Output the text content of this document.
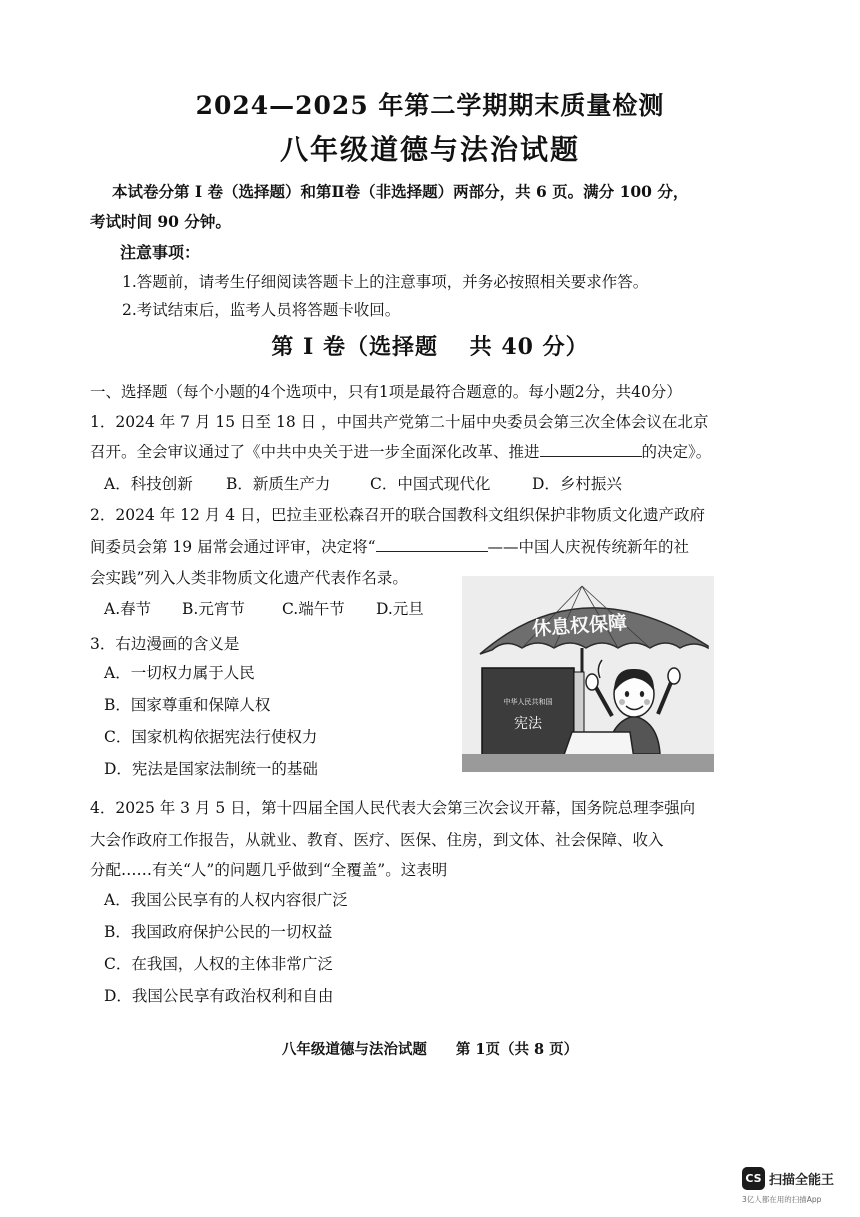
2024—2025 年第二学期期末质量检测
八年级道德与法治试题
本试卷分第 I 卷（选择题）和第Ⅱ卷（非选择题）两部分，共 6 页。满分 100 分，
考试时间 90 分钟。
注意事项：
1.答题前，请考生仔细阅读答题卡上的注意事项，并务必按照相关要求作答。
2.考试结束后，监考人员将答题卡收回。
第 I 卷（选择题　 共 40 分）
一、选择题（每个小题的4个选项中，只有1项是最符合题意的。每小题2分，共40分）
1．2024 年 7 月 15 日至 18 日 ，中国共产党第二十届中央委员会第三次全体会议在北京
召开。全会审议通过了《中共中央关于进一步全面深化改革、推进	的决定》。
A．科技创新 B．新质生产力	C．中国式现代化	D．乡村振兴
2．2024 年 12 月 4 日，巴拉圭亚松森召开的联合国教科文组织保护非物质文化遗产政府
间委员会第 19 届常会通过评审，决定将“	——中国人庆祝传统新年的社
会实践”列入人类非物质文化遗产代表作名录。
A.春节 B.元宵节 C.端午节 D.元旦
3．右边漫画的含义是
A．一切权力属于人民
B．国家尊重和保障人权
C．国家机构依据宪法行使权力
D．宪法是国家法制统一的基础
休息权保障
中华人民共和国
宪法
4．2025 年 3 月 5 日，第十四届全国人民代表大会第三次会议开幕，国务院总理李强向
大会作政府工作报告，从就业、教育、医疗、医保、住房，到文体、社会保障、收入
分配……有关“人”的问题几乎做到“全覆盖”。这表明
A．我国公民享有的人权内容很广泛
B．我国政府保护公民的一切权益
C．在我国，人权的主体非常广泛
D．我国公民享有政治权利和自由
八年级道德与法治试题　　第 1页（共 8 页）
CS 扫描全能王
3亿人都在用的扫描App
